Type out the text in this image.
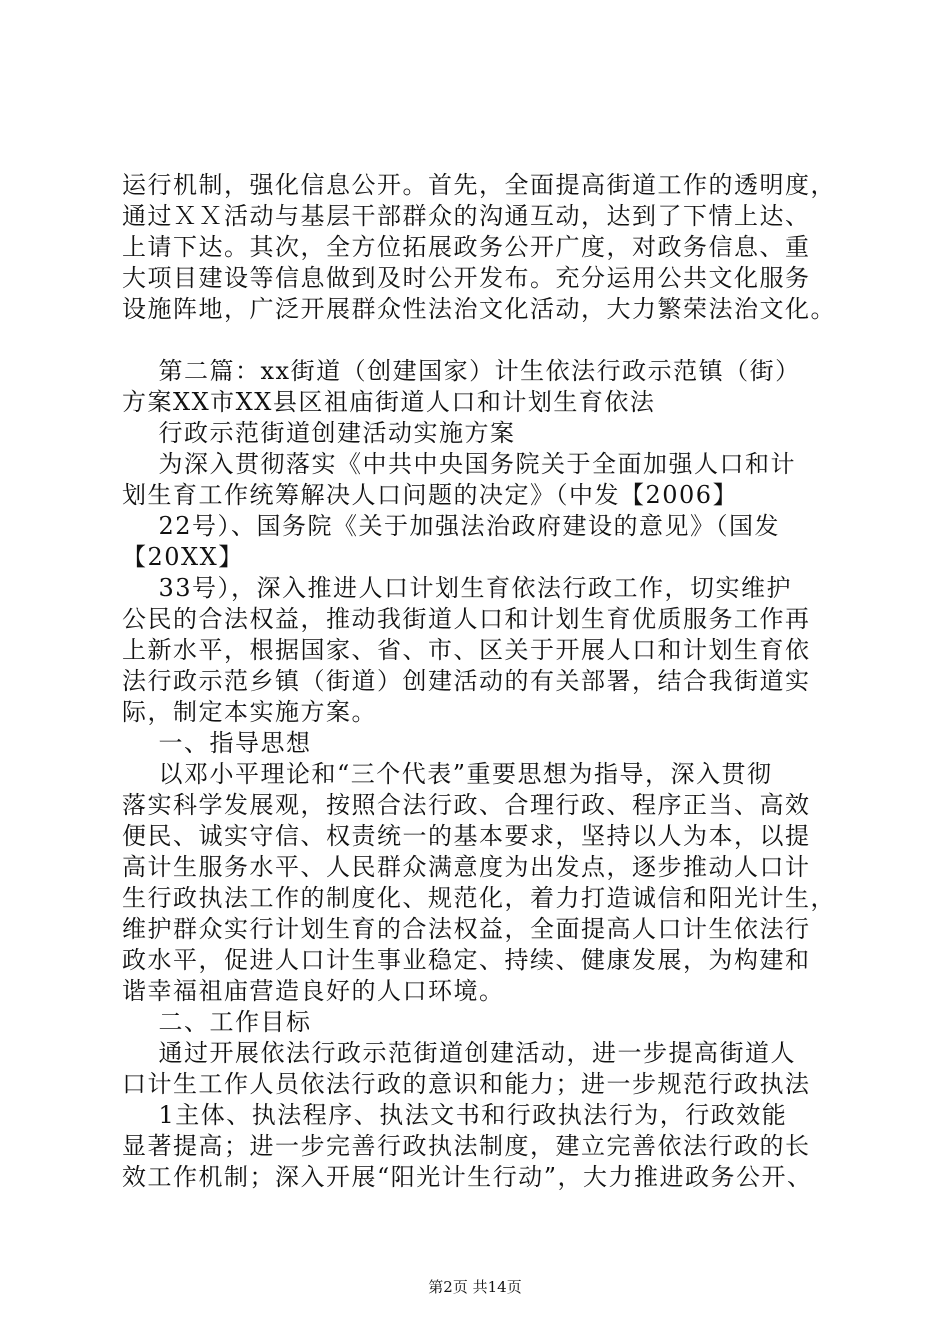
运行机制，强化信息公开。首先，全面提高街道工作的透明度，

通过ＸＸ活动与基层干部群众的沟通互动，达到了下情上达、

上请下达。其次，全方位拓展政务公开广度，对政务信息、重

大项目建设等信息做到及时公开发布。充分运用公共文化服务

设施阵地，广泛开展群众性法治文化活动，大力繁荣法治文化。

第二篇：xx街道（创建国家）计生依法行政示范镇（街）

方案XX市XX县区祖庙街道人口和计划生育依法

行政示范街道创建活动实施方案

为深入贯彻落实《中共中央国务院关于全面加强人口和计

划生育工作统筹解决人口问题的决定》（中发【2006】

22号）、国务院《关于加强法治政府建设的意见》（国发

【20XX】

33号），深入推进人口计划生育依法行政工作，切实维护

公民的合法权益，推动我街道人口和计划生育优质服务工作再

上新水平，根据国家、省、市、区关于开展人口和计划生育依

法行政示范乡镇（街道）创建活动的有关部署，结合我街道实

际，制定本实施方案。

一、指导思想

以邓小平理论和“三个代表”重要思想为指导，深入贯彻

落实科学发展观，按照合法行政、合理行政、程序正当、高效

便民、诚实守信、权责统一的基本要求，坚持以人为本，以提

高计生服务水平、人民群众满意度为出发点，逐步推动人口计

生行政执法工作的制度化、规范化，着力打造诚信和阳光计生，

维护群众实行计划生育的合法权益，全面提高人口计生依法行

政水平，促进人口计生事业稳定、持续、健康发展，为构建和

谐幸福祖庙营造良好的人口环境。

二、工作目标

通过开展依法行政示范街道创建活动，进一步提高街道人

口计生工作人员依法行政的意识和能力；进一步规范行政执法

1主体、执法程序、执法文书和行政执法行为，行政效能

显著提高；进一步完善行政执法制度，建立完善依法行政的长

效工作机制；深入开展“阳光计生行动”，大力推进政务公开、

第2页 共14页
